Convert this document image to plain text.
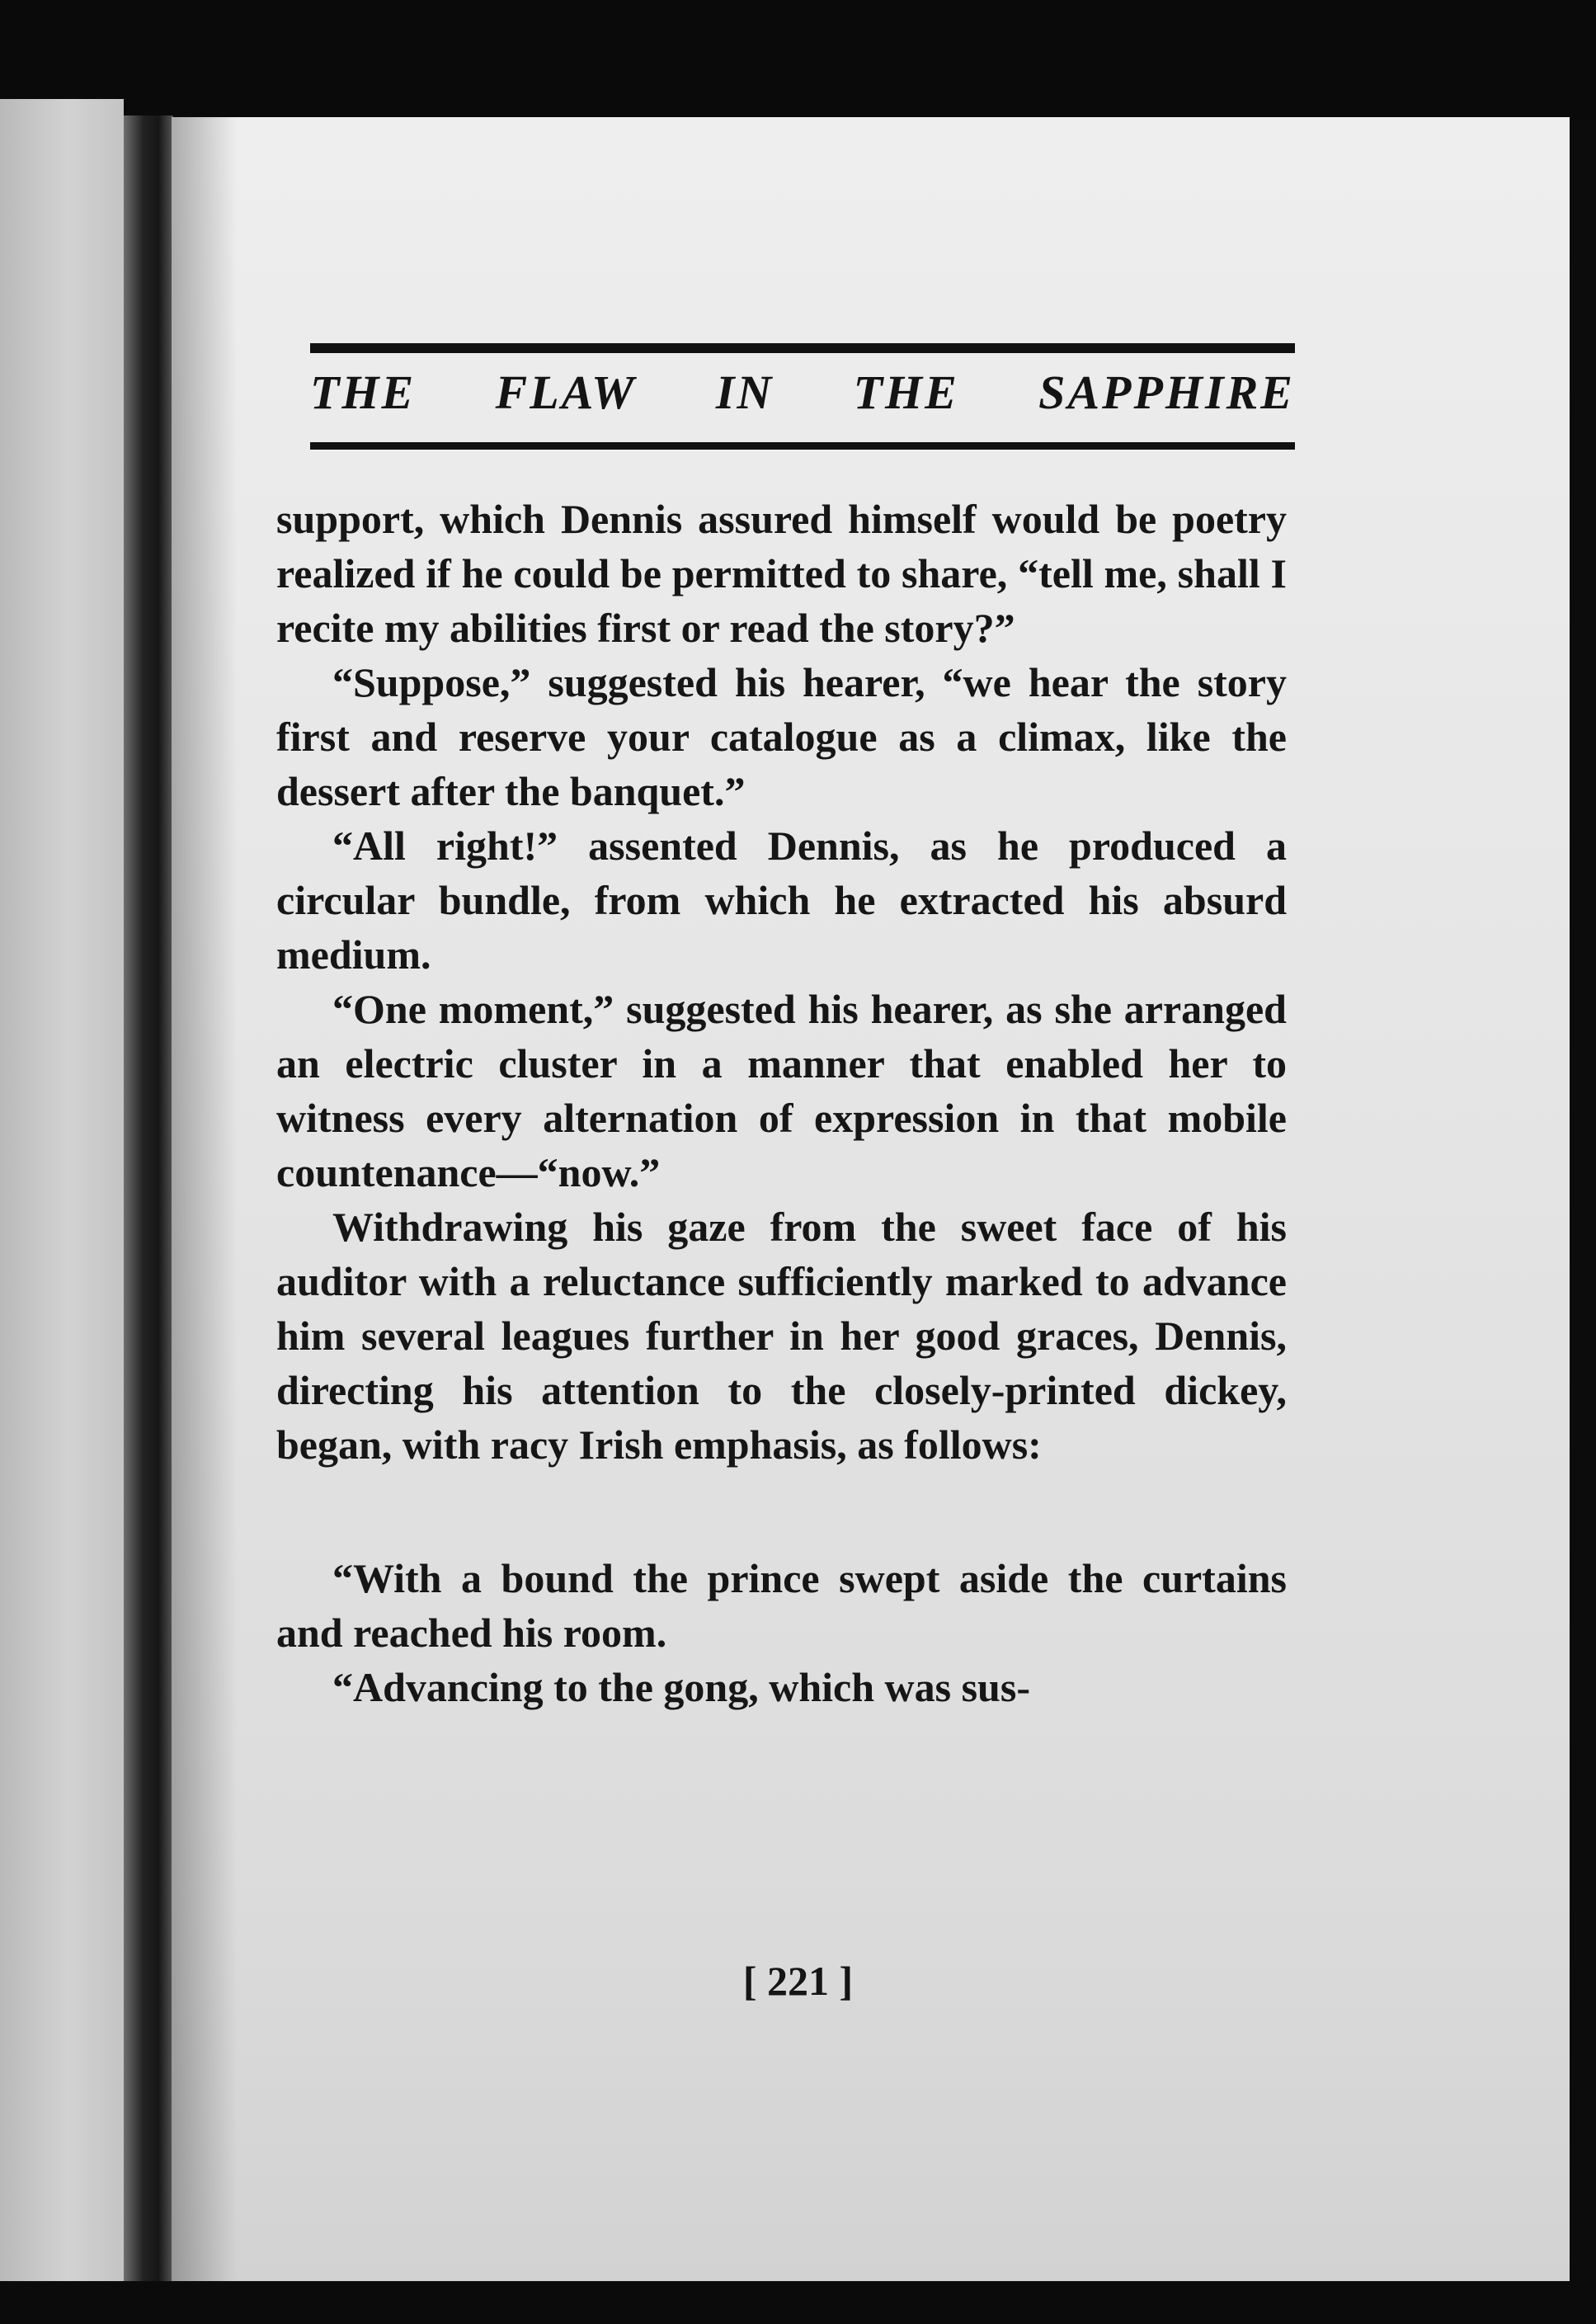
THE FLAW IN THE SAPPHIRE

support, which Dennis assured himself would be poetry realized if he could be permitted to share, “tell me, shall I recite my abilities first or read the story?”

“Suppose,” suggested his hearer, “we hear the story first and reserve your catalogue as a climax, like the dessert after the banquet.”

“All right!” assented Dennis, as he produced a circular bundle, from which he extracted his absurd medium.

“One moment,” suggested his hearer, as she arranged an electric cluster in a manner that enabled her to witness every alternation of expression in that mobile countenance—“now.”

Withdrawing his gaze from the sweet face of his auditor with a reluctance sufficiently marked to advance him several leagues further in her good graces, Dennis, directing his attention to the closely-printed dickey, began, with racy Irish emphasis, as follows:

“With a bound the prince swept aside the curtains and reached his room.

“Advancing to the gong, which was sus-

[ 221 ]
